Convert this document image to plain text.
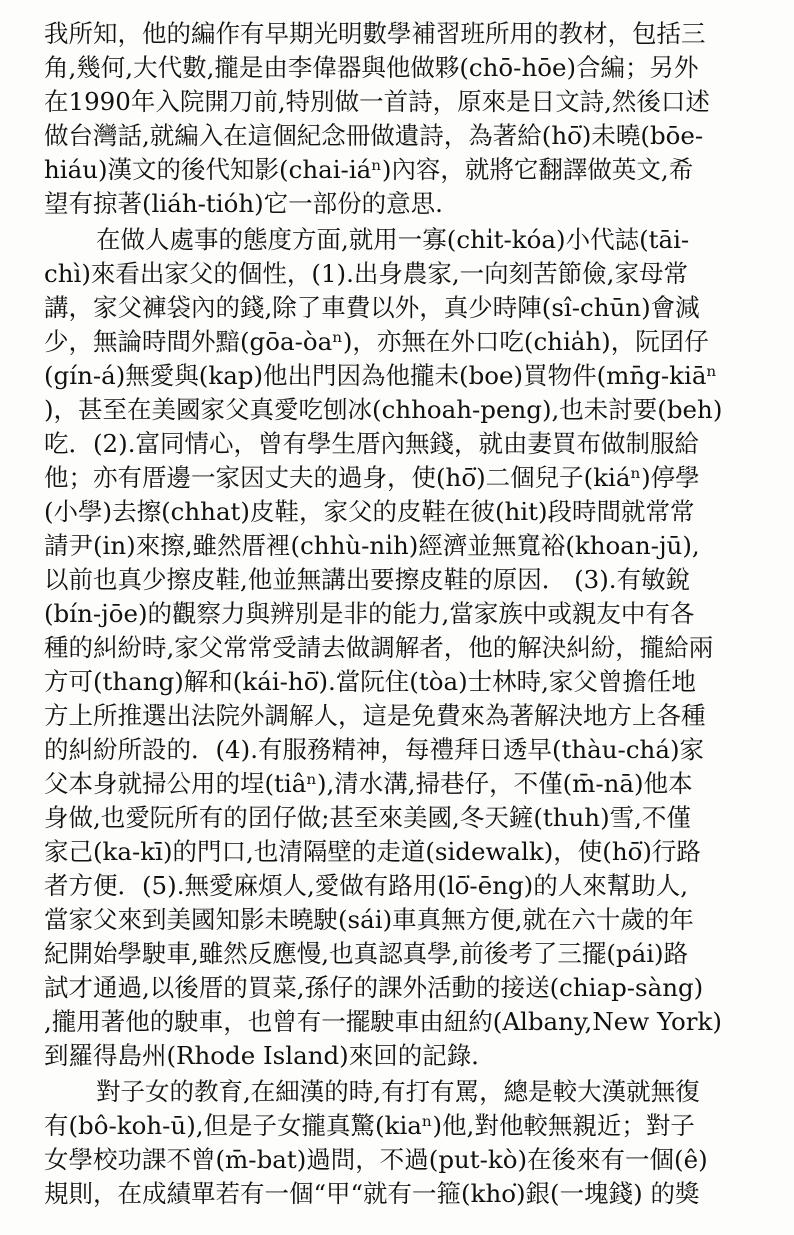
我所知，他的編作有早期光明數學補習班所用的教材，包括三
角,幾何,大代數,攏是由李偉器與他做夥(chō-hōe)合編；另外
在1990年入院開刀前,特別做一首詩，原來是日文詩,然後口述
做台灣話,就編入在這個紀念冊做遺詩，為著給(hō͘)未曉(bōe-
hiáu)漢文的後代知影(chai-iáⁿ)內容，就將它翻譯做英文,希
望有掠著(liáh-tióh)它一部份的意思.
在做人處事的態度方面,就用一寡(chi̍t-kóa)小代誌(tāi-
chì)來看出家父的個性，(1).出身農家,一向刻苦節儉,家母常
講，家父褲袋內的錢,除了車費以外，真少時陣(sî-chūn)會減
少，無論時間外黯(gōa-òaⁿ)，亦無在外口吃(chia̍h)，阮囝仔
(gín-á)無愛與(kap)他出門因為他攏未(boe)買物件(mn̄g-kiāⁿ
)，甚至在美國家父真愛吃刨冰(chhoah-peng),也未討要(beh)
吃．(2).富同情心，曾有學生厝內無錢，就由妻買布做制服給
他；亦有厝邊一家因丈夫的過身，使(hō͘)二個兒子(kiáⁿ)停學
(小學)去擦(chhat)皮鞋，家父的皮鞋在彼(hit)段時間就常常
請尹(in)來擦,雖然厝裡(chhù-ni̍h)經濟並無寬裕(khoan-jū),
以前也真少擦皮鞋,他並無講出要擦皮鞋的原因． (3).有敏銳
(bín-jōe)的觀察力與辨別是非的能力,當家族中或親友中有各
種的糾紛時,家父常常受請去做調解者，他的解決糾紛，攏給兩
方可(thang)解和(kái-hō͘).當阮住(tòa)士林時,家父曾擔任地
方上所推選出法院外調解人，這是免費來為著解決地方上各種
的糾紛所設的．(4).有服務精神，每禮拜日透早(thàu-chá)家
父本身就掃公用的埕(tiâⁿ),清水溝,掃巷仔，不僅(m̄-nā)他本
身做,也愛阮所有的囝仔做;甚至來美國,冬天鏟(thuh)雪,不僅
家己(ka-kī)的門口,也清隔壁的走道(sidewalk)，使(hō͘)行路
者方便．(5).無愛麻煩人,愛做有路用(lō͘-ēng)的人來幫助人,
當家父來到美國知影未曉駛(sái)車真無方便,就在六十歲的年
紀開始學駛車,雖然反應慢,也真認真學,前後考了三擺(pái)路
試才通過,以後厝的買菜,孫仔的課外活動的接送(chiap-sàng)
,攏用著他的駛車，也曾有一擺駛車由紐約(Albany,New York)
到羅得島州(Rhode Island)來回的記錄．
對子女的教育,在細漢的時,有打有罵，總是較大漢就無復
有(bô-koh-ū),但是子女攏真驚(kiaⁿ)他,對他較無親近；對子
女學校功課不曾(m̄-bat)過問，不過(put-kò)在後來有一個(ê)
規則，在成績單若有一個“甲“就有一箍(kho͘)銀(一塊錢) 的獎
